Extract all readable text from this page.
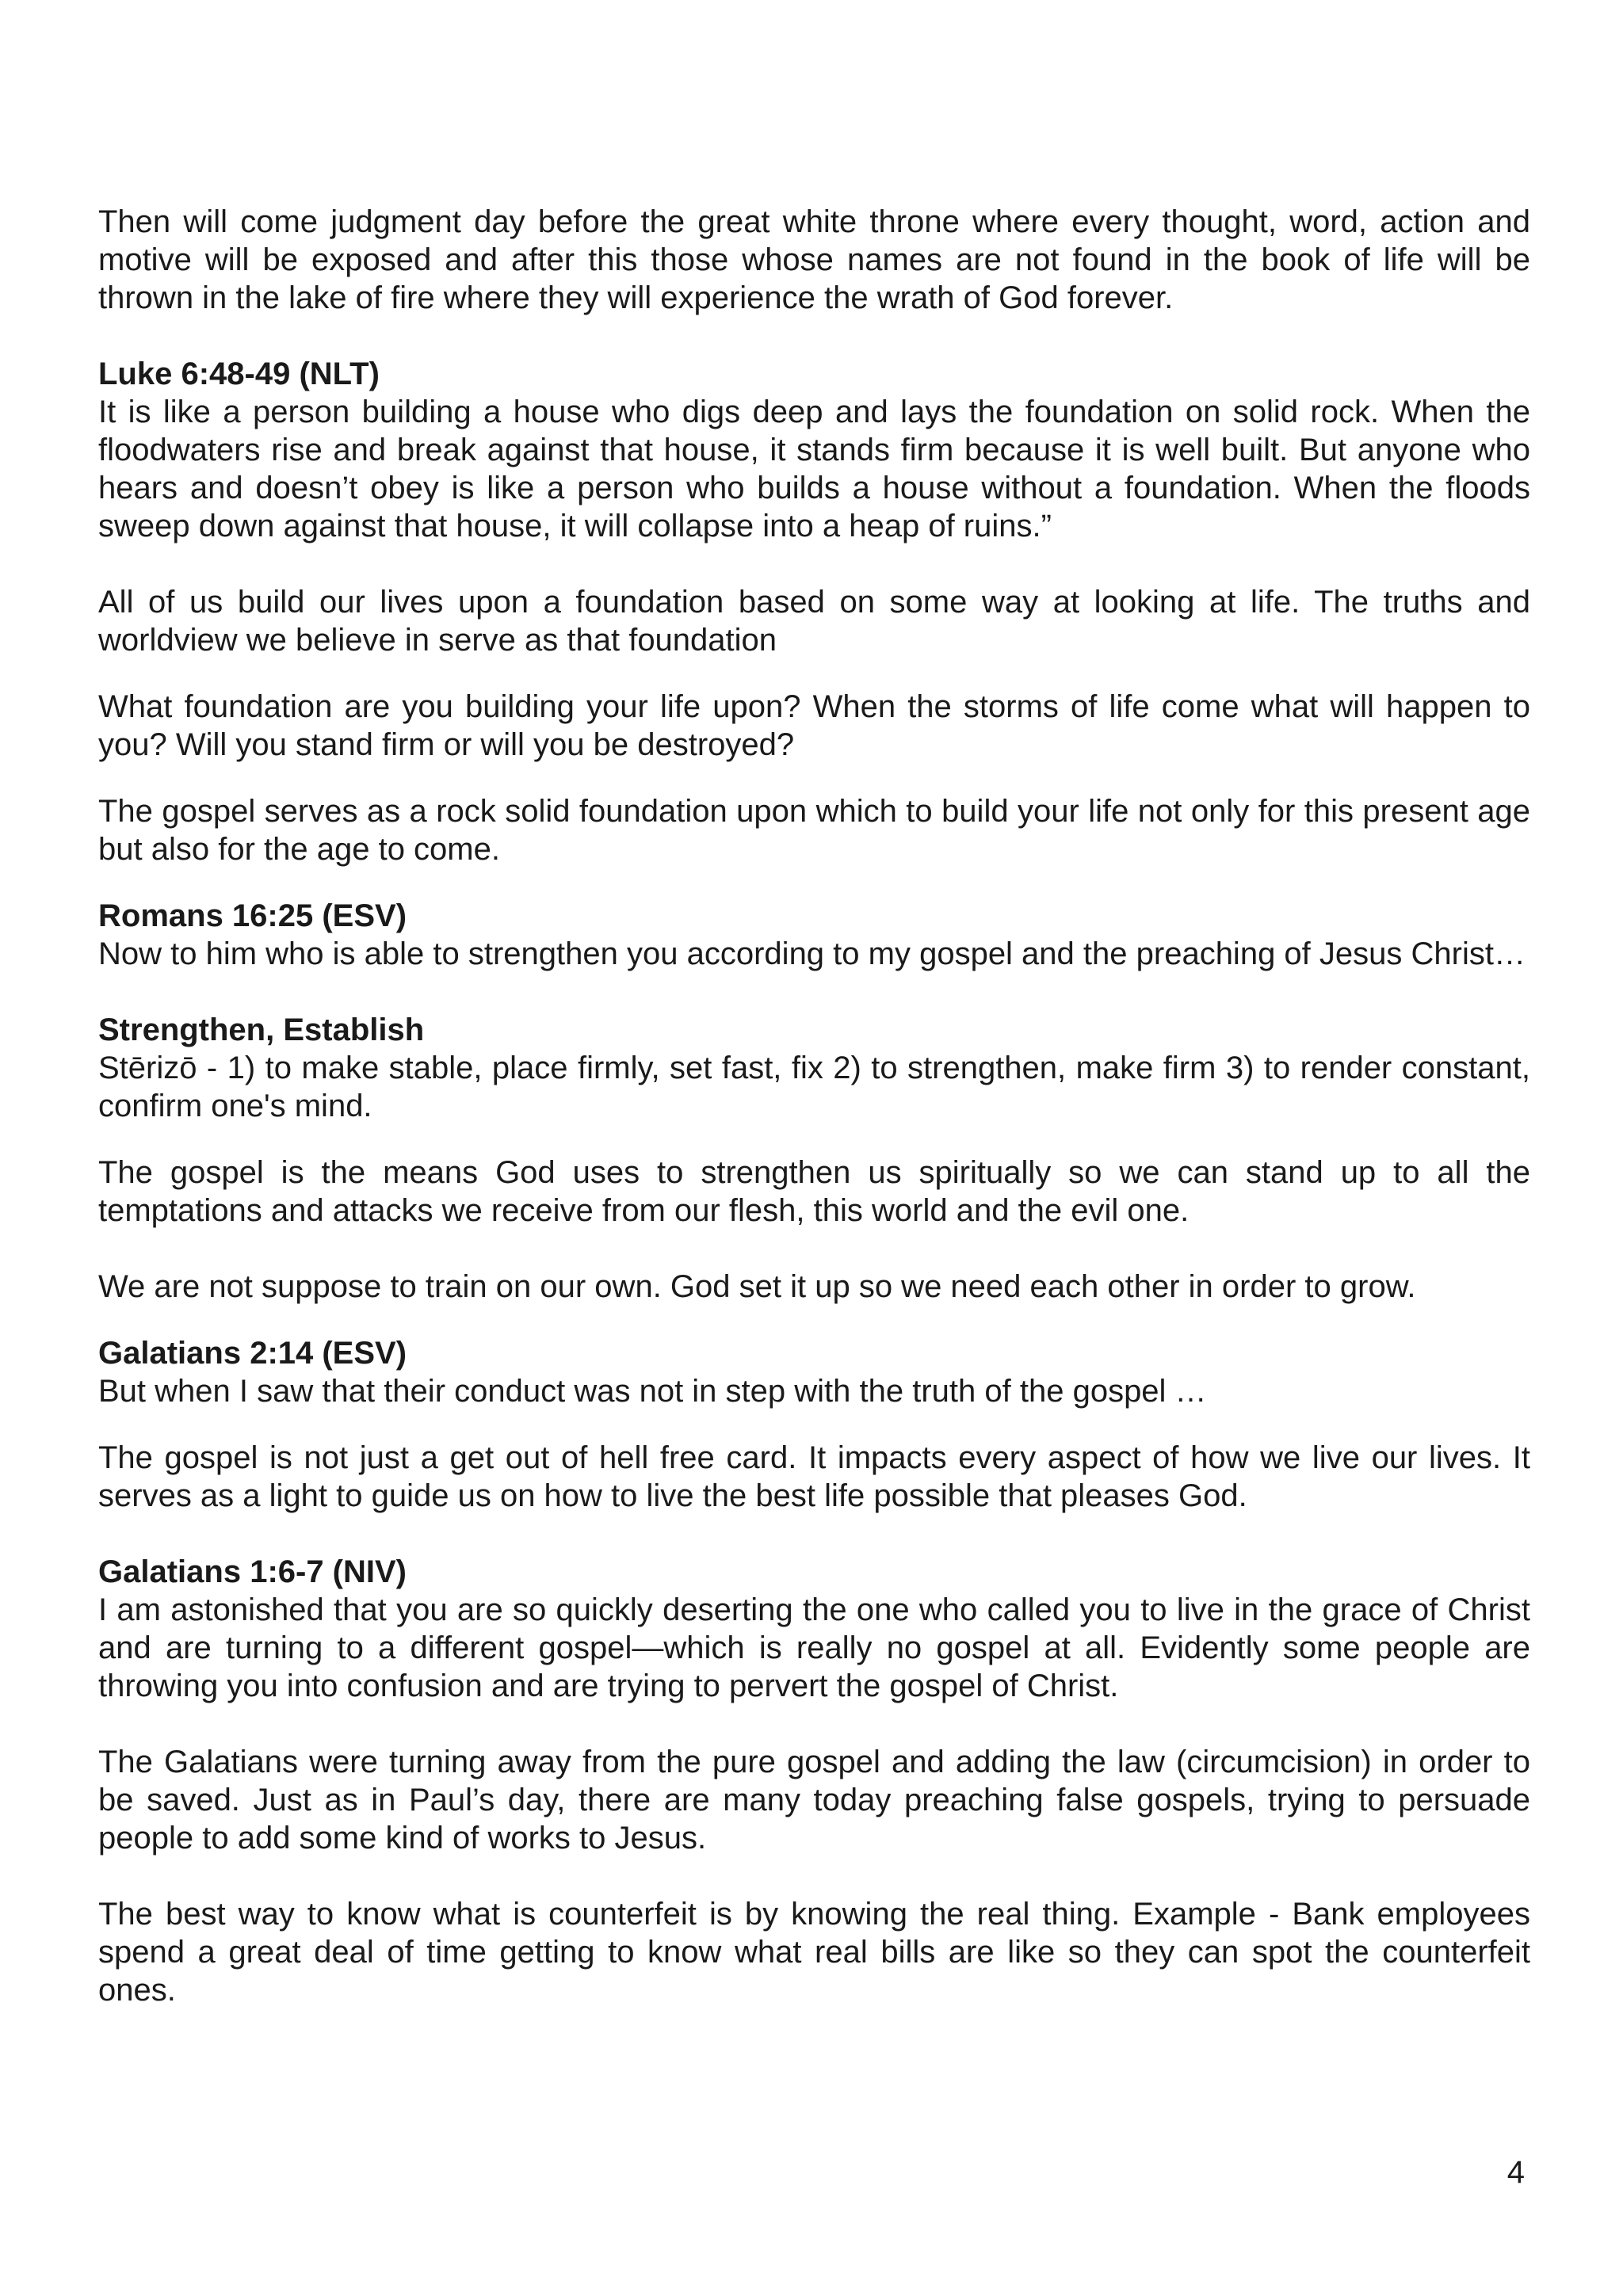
Then will come judgment day before the great white throne where every thought, word, action and motive will be exposed and after this those whose names are not found in the book of life will be thrown in the lake of fire where they will experience the wrath of God forever.

Luke 6:48-49 (NLT)

It is like a person building a house who digs deep and lays the foundation on solid rock. When the floodwaters rise and break against that house, it stands firm because it is well built. But anyone who hears and doesn’t obey is like a person who builds a house without a foundation. When the floods sweep down against that house, it will collapse into a heap of ruins.”

All of us build our lives upon a foundation based on some way at looking at life. The truths and worldview we believe in serve as that foundation

What foundation are you building your life upon? When the storms of life come what will happen to you? Will you stand firm or will you be destroyed?

The gospel serves as a rock solid foundation upon which to build your life not only for this present age but also for the age to come.

Romans 16:25 (ESV)

Now to him who is able to strengthen you according to my gospel and the preaching of Jesus Christ…

Strengthen, Establish

Stērizō - 1) to make stable, place firmly, set fast, fix 2) to strengthen, make firm 3) to render constant, confirm one's mind.

The gospel is the means God uses to strengthen us spiritually so we can stand up to all the temptations and attacks we receive from our flesh, this world and the evil one.

We are not suppose to train on our own. God set it up so we need each other in order to grow.

Galatians 2:14 (ESV)

But when I saw that their conduct was not in step with the truth of the gospel …

The gospel is not just a get out of hell free card. It impacts every aspect of how we live our lives. It serves as a light to guide us on how to live the best life possible that pleases God.

Galatians 1:6-7 (NIV)

I am astonished that you are so quickly deserting the one who called you to live in the grace of Christ and are turning to a different gospel—which is really no gospel at all. Evidently some people are throwing you into confusion and are trying to pervert the gospel of Christ.

The Galatians were turning away from the pure gospel and adding the law (circumcision) in order to be saved. Just as in Paul’s day, there are many today preaching false gospels, trying to persuade people to add some kind of works to Jesus.

The best way to know what is counterfeit is by knowing the real thing. Example - Bank employees spend a great deal of time getting to know what real bills are like so they can spot the counterfeit ones.

4
